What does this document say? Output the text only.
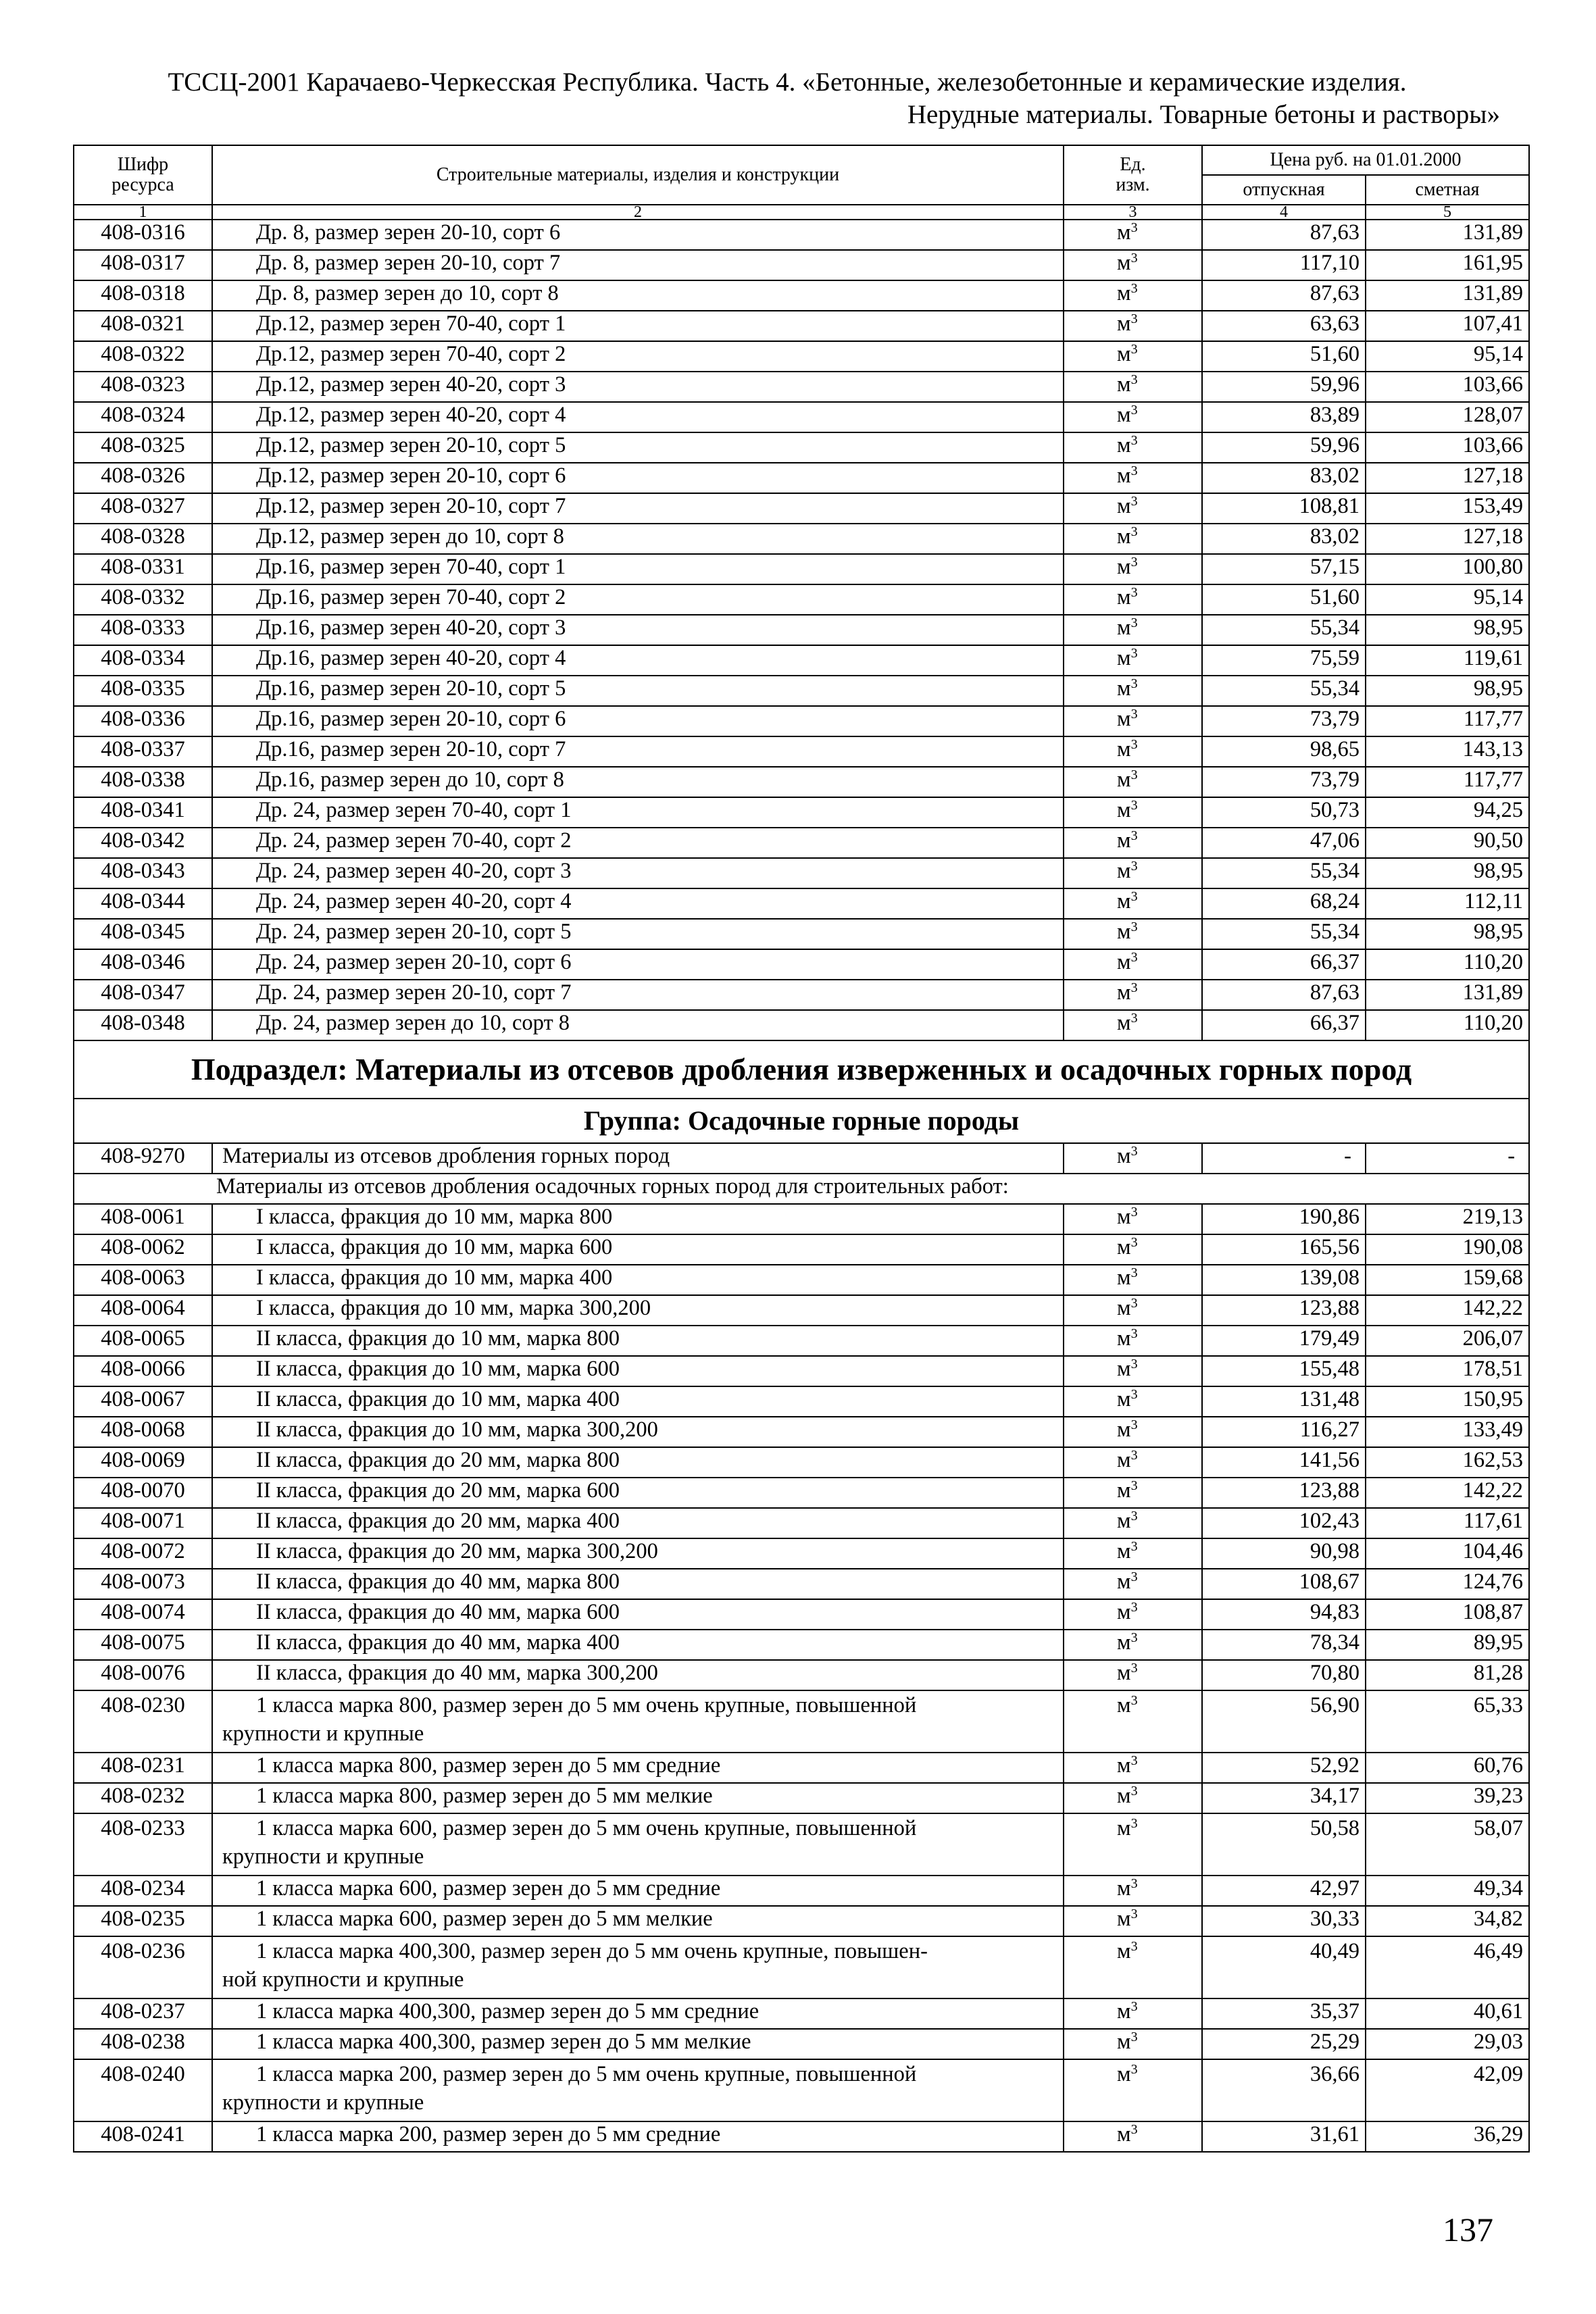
ТССЦ-2001 Карачаево-Черкесская Республика. Часть 4. «Бетонные, железобетонные и керамические изделия.
Нерудные материалы. Товарные бетоны и растворы»
Шифр
ресурса	Строительные материалы, изделия и конструкции	Ед.
изм.	Цена руб. на 01.01.2000	
			отпускная	сметная
1	2	3	4	5
408-0316	Др. 8, размер зерен 20-10, сорт 6	$м^3$	87,63	131,89
408-0317	Др. 8, размер зерен 20-10, сорт 7	$м^3$	117,10	161,95
408-0318	Др. 8, размер зерен до 10, сорт 8	$м^3$	87,63	131,89
408-0321	Др.12, размер зерен 70-40, сорт 1	$м^3$	63,63	107,41
408-0322	Др.12, размер зерен 70-40, сорт 2	$м^3$	51,60	95,14
408-0323	Др.12, размер зерен 40-20, сорт 3	$м^3$	59,96	103,66
408-0324	Др.12, размер зерен 40-20, сорт 4	$м^3$	83,89	128,07
408-0325	Др.12, размер зерен 20-10, сорт 5	$м^3$	59,96	103,66
408-0326	Др.12, размер зерен 20-10, сорт 6	$м^3$	83,02	127,18
408-0327	Др.12, размер зерен 20-10, сорт 7	$м^3$	108,81	153,49
408-0328	Др.12, размер зерен до 10, сорт 8	$м^3$	83,02	127,18
408-0331	Др.16, размер зерен 70-40, сорт 1	$м^3$	57,15	100,80
408-0332	Др.16, размер зерен 70-40, сорт 2	$м^3$	51,60	95,14
408-0333	Др.16, размер зерен 40-20, сорт 3	$м^3$	55,34	98,95
408-0334	Др.16, размер зерен 40-20, сорт 4	$м^3$	75,59	119,61
408-0335	Др.16, размер зерен 20-10, сорт 5	$м^3$	55,34	98,95
408-0336	Др.16, размер зерен 20-10, сорт 6	$м^3$	73,79	117,77
408-0337	Др.16, размер зерен 20-10, сорт 7	$м^3$	98,65	143,13
408-0338	Др.16, размер зерен до 10, сорт 8	$м^3$	73,79	117,77
408-0341	Др. 24, размер зерен 70-40, сорт 1	$м^3$	50,73	94,25
408-0342	Др. 24, размер зерен 70-40, сорт 2	$м^3$	47,06	90,50
408-0343	Др. 24, размер зерен 40-20, сорт 3	$м^3$	55,34	98,95
408-0344	Др. 24, размер зерен 40-20, сорт 4	$м^3$	68,24	112,11
408-0345	Др. 24, размер зерен 20-10, сорт 5	$м^3$	55,34	98,95
408-0346	Др. 24, размер зерен 20-10, сорт 6	$м^3$	66,37	110,20
408-0347	Др. 24, размер зерен 20-10, сорт 7	$м^3$	87,63	131,89
408-0348	Др. 24, размер зерен до 10, сорт 8	$м^3$	66,37	110,20
Подраздел: Материалы из отсевов дробления изверженных и осадочных горных пород				
Группа: Осадочные горные породы				
408-9270	Материалы из отсевов дробления горных пород	$м^3$	-	-
Материалы из отсевов дробления осадочных горных пород для строительных работ:				
408-0061	I класса, фракция до 10 мм, марка 800	$м^3$	190,86	219,13
408-0062	I класса, фракция до 10 мм, марка 600	$м^3$	165,56	190,08
408-0063	I класса, фракция до 10 мм, марка 400	$м^3$	139,08	159,68
408-0064	I класса, фракция до 10 мм, марка 300,200	$м^3$	123,88	142,22
408-0065	II класса, фракция до 10 мм, марка 800	$м^3$	179,49	206,07
408-0066	II класса, фракция до 10 мм, марка 600	$м^3$	155,48	178,51
408-0067	II класса, фракция до 10 мм, марка 400	$м^3$	131,48	150,95
408-0068	II класса, фракция до 10 мм, марка 300,200	$м^3$	116,27	133,49
408-0069	II класса, фракция до 20 мм, марка 800	$м^3$	141,56	162,53
408-0070	II класса, фракция до 20 мм, марка 600	$м^3$	123,88	142,22
408-0071	II класса, фракция до 20 мм, марка 400	$м^3$	102,43	117,61
408-0072	II класса, фракция до 20 мм, марка 300,200	$м^3$	90,98	104,46
408-0073	II класса, фракция до 40 мм, марка 800	$м^3$	108,67	124,76
408-0074	II класса, фракция до 40 мм, марка 600	$м^3$	94,83	108,87
408-0075	II класса, фракция до 40 мм, марка 400	$м^3$	78,34	89,95
408-0076	II класса, фракция до 40 мм, марка 300,200	$м^3$	70,80	81,28
408-0230	1 класса марка 800, размер зерен до 5 мм очень крупные, повышенной
крупности и крупные	$м^3$	56,90	65,33
408-0231	1 класса марка 800, размер зерен до 5 мм средние	$м^3$	52,92	60,76
408-0232	1 класса марка 800, размер зерен до 5 мм мелкие	$м^3$	34,17	39,23
408-0233	1 класса марка 600, размер зерен до 5 мм очень крупные, повышенной
крупности и крупные	$м^3$	50,58	58,07
408-0234	1 класса марка 600, размер зерен до 5 мм средние	$м^3$	42,97	49,34
408-0235	1 класса марка 600, размер зерен до 5 мм мелкие	$м^3$	30,33	34,82
408-0236	1 класса марка 400,300, размер зерен до 5 мм очень крупные, повышен-
ной крупности и крупные	$м^3$	40,49	46,49
408-0237	1 класса марка 400,300, размер зерен до 5 мм средние	$м^3$	35,37	40,61
408-0238	1 класса марка 400,300, размер зерен до 5 мм мелкие	$м^3$	25,29	29,03
408-0240	1 класса марка 200, размер зерен до 5 мм очень крупные, повышенной
крупности и крупные	$м^3$	36,66	42,09
408-0241	1 класса марка 200, размер зерен до 5 мм средние	$м^3$	31,61	36,29
137
